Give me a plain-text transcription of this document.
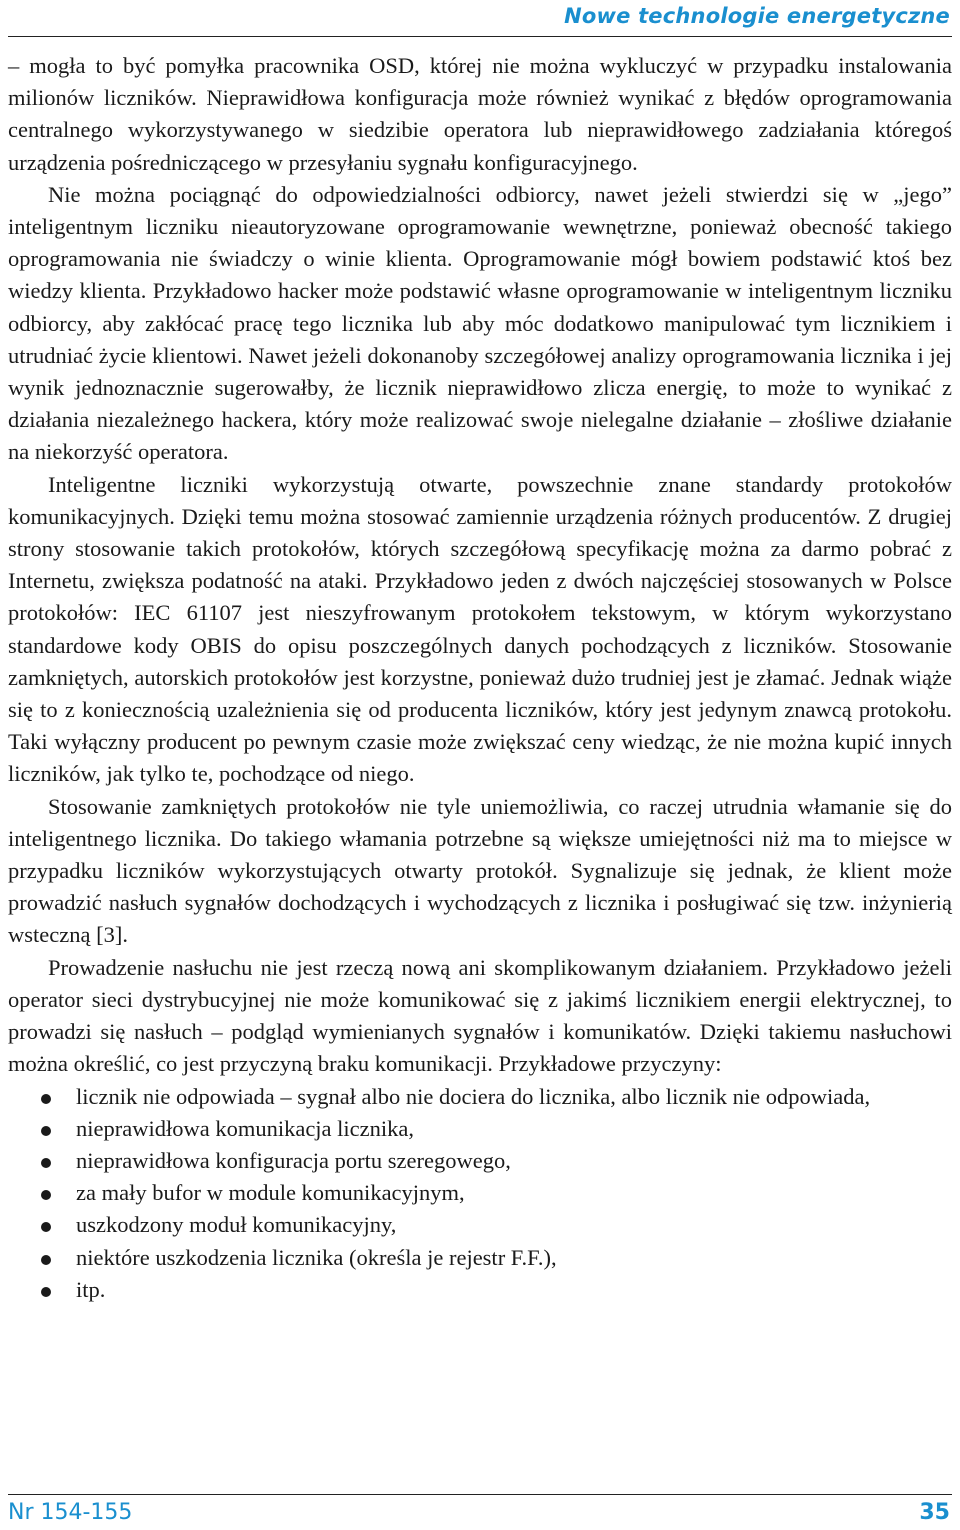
Nowe technologie energetyczne

– mogła to być pomyłka pracownika OSD, której nie można wykluczyć w przypadku instalowania milionów liczników. Nieprawidłowa konfiguracja może również wynikać z błędów oprogramowania centralnego wykorzystywanego w siedzibie operatora lub nieprawidłowego zadziałania któregoś urządzenia pośredniczącego w przesyłaniu sygnału konfiguracyjnego.

Nie można pociągnąć do odpowiedzialności odbiorcy, nawet jeżeli stwierdzi się w „jego” inteligentnym liczniku nieautoryzowane oprogramowanie wewnętrzne, ponieważ obecność takiego oprogramowania nie świadczy o winie klienta. Oprogramowanie mógł bowiem podstawić ktoś bez wiedzy klienta. Przykładowo hacker może podstawić własne oprogramowanie w inteligentnym liczniku odbiorcy, aby zakłócać pracę tego licznika lub aby móc dodatkowo manipulować tym licznikiem i utrudniać życie klientowi. Nawet jeżeli dokonanoby szczegółowej analizy oprogramowania licznika i jej wynik jednoznacznie sugerowałby, że licznik nieprawidłowo zlicza energię, to może to wynikać z działania niezależnego hackera, który może realizować swoje nielegalne działanie – złośliwe działanie na niekorzyść operatora.

Inteligentne liczniki wykorzystują otwarte, powszechnie znane standardy protokołów komunikacyjnych. Dzięki temu można stosować zamiennie urządzenia różnych producentów. Z drugiej strony stosowanie takich protokołów, których szczegółową specyfikację można za darmo pobrać z Internetu, zwiększa podatność na ataki. Przykładowo jeden z dwóch najczęściej stosowanych w Polsce protokołów: IEC 61107 jest nieszyfrowanym protokołem tekstowym, w którym wykorzystano standardowe kody OBIS do opisu poszczególnych danych pochodzących z liczników. Stosowanie zamkniętych, autorskich protokołów jest korzystne, ponieważ dużo trudniej jest je złamać. Jednak wiąże się to z koniecznością uzależnienia się od producenta liczników, który jest jedynym znawcą protokołu. Taki wyłączny producent po pewnym czasie może zwiększać ceny wiedząc, że nie można kupić innych liczników, jak tylko te, pochodzące od niego.

Stosowanie zamkniętych protokołów nie tyle uniemożliwia, co raczej utrudnia włamanie się do inteligentnego licznika. Do takiego włamania potrzebne są większe umiejętności niż ma to miejsce w przypadku liczników wykorzystujących otwarty protokół. Sygnalizuje się jednak, że klient może prowadzić nasłuch sygnałów dochodzących i wychodzących z licznika i posługiwać się tzw. inżynierią wsteczną [3].

Prowadzenie nasłuchu nie jest rzeczą nową ani skomplikowanym działaniem. Przykładowo jeżeli operator sieci dystrybucyjnej nie może komunikować się z jakimś licznikiem energii elektrycznej, to prowadzi się nasłuch – podgląd wymienianych sygnałów i komunikatów. Dzięki takiemu nasłuchowi można określić, co jest przyczyną braku komunikacji. Przykładowe przyczyny:

licznik nie odpowiada – sygnał albo nie dociera do licznika, albo licznik nie odpowiada,
nieprawidłowa komunikacja licznika,
nieprawidłowa konfiguracja portu szeregowego,
za mały bufor w module komunikacyjnym,
uszkodzony moduł komunikacyjny,
niektóre uszkodzenia licznika (określa je rejestr F.F.),
itp.
Nr 154-155	35
